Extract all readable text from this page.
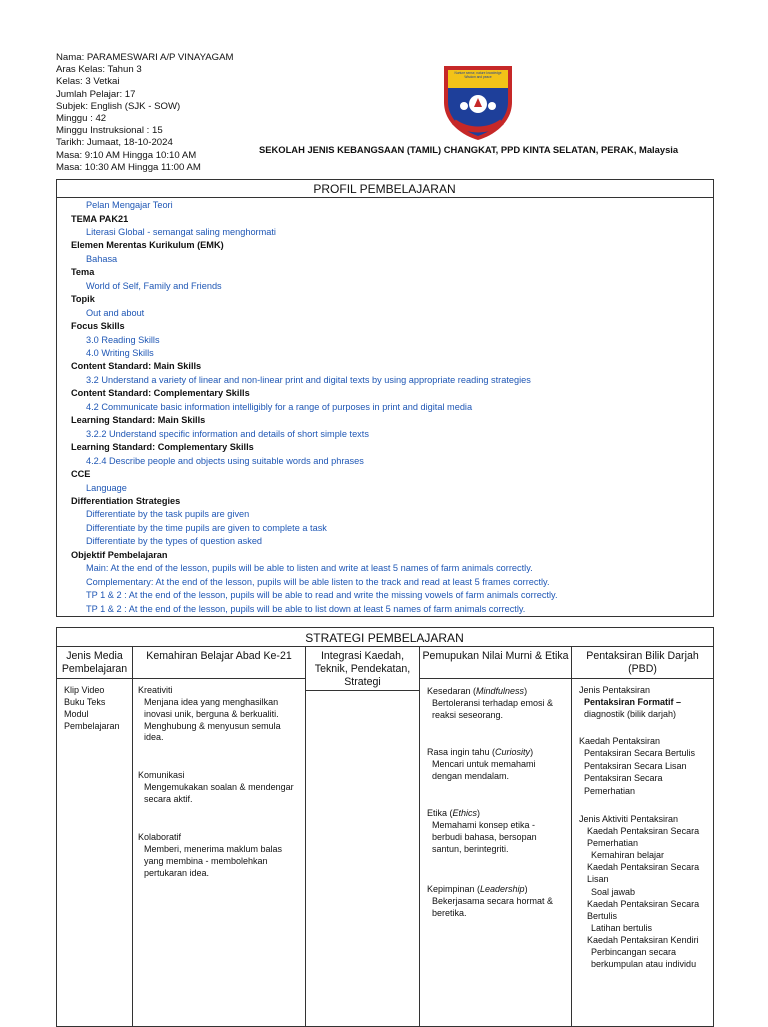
Nama: PARAMESWARI A/P VINAYAGAM
Aras Kelas: Tahun 3
Kelas: 3 Vetkai
Jumlah Pelajar: 17
Subjek: English (SJK - SOW)
Minggu : 42
Minggu Instruksional : 15
Tarikh: Jumaat, 18-10-2024
Masa: 9:10 AM Hingga 10:10 AM
Masa: 10:30 AM Hingga 11:00 AM
Nurture sense, nature knowledge Wisdom and peace
SEKOLAH JENIS KEBANGSAAN (TAMIL) CHANGKAT, PPD KINTA SELATAN, PERAK, Malaysia
PROFIL PEMBELAJARAN
Pelan Mengajar Teori
TEMA PAK21
Literasi Global - semangat saling menghormati
Elemen Merentas Kurikulum (EMK)
Bahasa
Tema
World of Self, Family and Friends
Topik
Out and about
Focus Skills
3.0 Reading Skills
4.0 Writing Skills
Content Standard: Main Skills
3.2 Understand a variety of linear and non-linear print and digital texts by using appropriate reading strategies
Content Standard: Complementary Skills
4.2 Communicate basic information intelligibly for a range of purposes in print and digital media
Learning Standard: Main Skills
3.2.2 Understand specific information and details of short simple texts
Learning Standard: Complementary Skills
4.2.4 Describe people and objects using suitable words and phrases
CCE
Language
Differentiation Strategies
Differentiate by the task pupils are given
Differentiate by the time pupils are given to complete a task
Differentiate by the types of question asked
Objektif Pembelajaran
Main: At the end of the lesson, pupils will be able to listen and write at least 5 names of farm animals correctly.
Complementary: At the end of the lesson, pupils will be able listen to the track and read at least 5 frames correctly.
TP 1 & 2 : At the end of the lesson, pupils will be able to read and write the missing vowels of farm animals correctly.
TP 1 & 2 : At the end of the lesson, pupils will be able to list down at least 5 names of farm animals correctly.
STRATEGI PEMBELAJARAN
Jenis Media Pembelajaran
Kemahiran Belajar Abad Ke-21	Integrasi Kaedah, Teknik, Pendekatan, Strategi
Pemupukan Nilai Murni & Etika	Pentaksiran Bilik Darjah (PBD)
Klip Video
Buku Teks
Modul
Pembelajaran
Kreativiti
Menjana idea yang menghasilkan inovasi unik, berguna & berkualiti. Menghubung & menyusun semula idea.
Komunikasi
Mengemukakan soalan & mendengar secara aktif.
Kolaboratif
Memberi, menerima maklum balas yang membina - membolehkan pertukaran idea.
Kesedaran (Mindfulness)
Bertoleransi terhadap emosi & reaksi seseorang.
Rasa ingin tahu (Curiosity)
Mencari untuk memahami dengan mendalam.
Etika (Ethics)
Memahami konsep etika - berbudi bahasa, bersopan santun, berintegriti.
Kepimpinan (Leadership)
Bekerjasama secara hormat & beretika.
Jenis Pentaksiran
Pentaksiran Formatif –
diagnostik (bilik darjah)
Kaedah Pentaksiran
Pentaksiran Secara Bertulis
Pentaksiran Secara Lisan
Pentaksiran Secara
Pemerhatian
Jenis Aktiviti Pentaksiran
Kaedah Pentaksiran Secara
Pemerhatian
Kemahiran belajar
Kaedah Pentaksiran Secara
Lisan
Soal jawab
Kaedah Pentaksiran Secara
Bertulis
Latihan bertulis
Kaedah Pentaksiran Kendiri
Perbincangan secara
berkumpulan atau individu
